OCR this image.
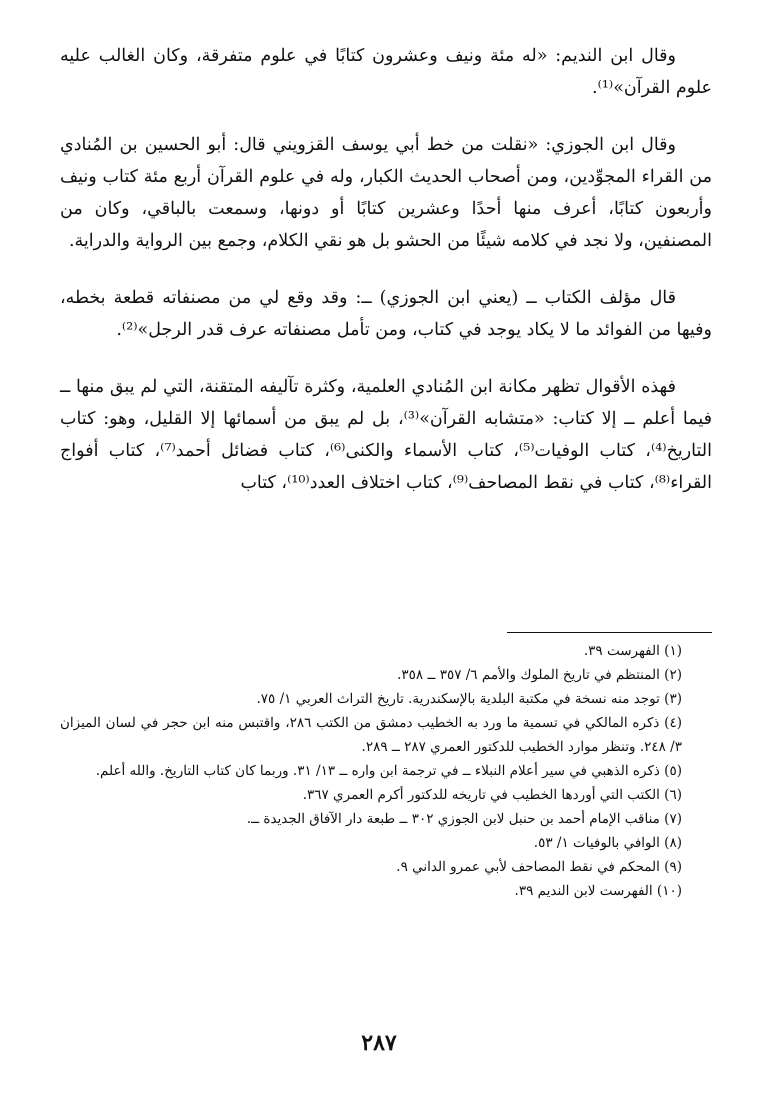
وقال ابن النديم: «له مئة ونيف وعشرون كتابًا في علوم متفرقة، وكان الغالب عليه علوم القرآن»⁽¹⁾.

وقال ابن الجوزي: «نقلت من خط أبي يوسف القزويني قال: أبو الحسين بن المُنادي من القراء المجوِّدين، ومن أصحاب الحديث الكبار، وله في علوم القرآن أربع مئة كتاب ونيف وأربعون كتابًا، أعرف منها أحدًا وعشرين كتابًا أو دونها، وسمعت بالباقي، وكان من المصنفين، ولا نجد في كلامه شيئًا من الحشو بل هو نقي الكلام، وجمع بين الرواية والدراية.

قال مؤلف الكتاب ــ (يعني ابن الجوزي) ــ: وقد وقع لي من مصنفاته قطعة بخطه، وفيها من الفوائد ما لا يكاد يوجد في كتاب، ومن تأمل مصنفاته عرف قدر الرجل»⁽²⁾.

فهذه الأقوال تظهر مكانة ابن المُنادي العلمية، وكثرة تآليفه المتقنة، التي لم يبق منها ــ فيما أعلم ــ إلا كتاب: «متشابه القرآن»⁽³⁾، بل لم يبق من أسمائها إلا القليل، وهو: كتاب التاريخ⁽⁴⁾، كتاب الوفيات⁽⁵⁾، كتاب الأسماء والكنى⁽⁶⁾، كتاب فضائل أحمد⁽⁷⁾، كتاب أفواج القراء⁽⁸⁾، كتاب في نقط المصاحف⁽⁹⁾، كتاب اختلاف العدد⁽¹⁰⁾، كتاب

(١) الفهرست ٣٩.

(٢) المنتظم في تاريخ الملوك والأمم ٦/ ٣٥٧ ــ ٣٥٨.

(٣) توجد منه نسخة في مكتبة البلدية بالإسكندرية. تاريخ التراث العربي ١/ ٧٥.

(٤) ذكره المالكي في تسمية ما ورد به الخطيب دمشق من الكتب ٢٨٦، واقتبس منه ابن حجر في لسان الميزان ٣/ ٢٤٨. وتنظر موارد الخطيب للدكتور العمري ٢٨٧ ــ ٢٨٩.

(٥) ذكره الذهبي في سير أعلام النبلاء ــ في ترجمة ابن واره ــ ١٣/ ٣١. وربما كان كتاب التاريخ. والله أعلم.

(٦) الكتب التي أوردها الخطيب في تاريخه للدكتور أكرم العمري ٣٦٧.

(٧) مناقب الإمام أحمد بن حنبل لابن الجوزي ٣٠٢ ــ طبعة دار الآفاق الجديدة ــ.

(٨) الوافي بالوفيات ١/ ٥٣.

(٩) المحكم في نقط المصاحف لأبي عمرو الداني ٩.

(١٠) الفهرست لابن النديم ٣٩.

٢٨٧
